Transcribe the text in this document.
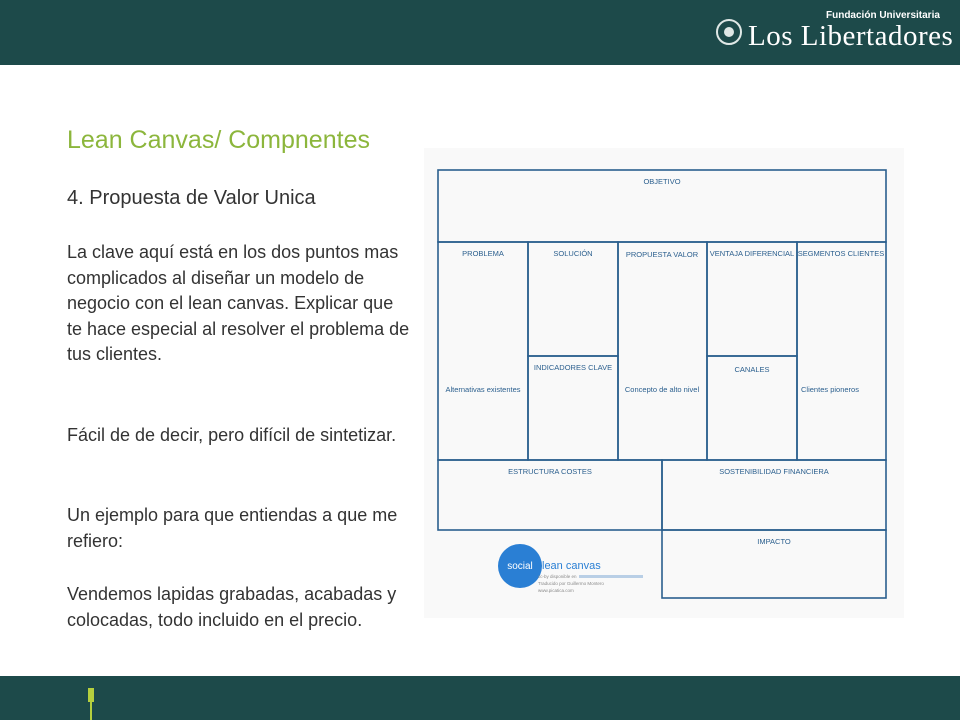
Fundación Universitaria
Los Libertadores
Lean Canvas/ Compnentes
4. Propuesta de Valor Unica

La clave aquí está en los dos puntos mas complicados al diseñar un modelo de negocio con el lean canvas. Explicar que te hace especial al resolver el problema de tus clientes.

Fácil de de decir, pero difícil de sintetizar.

Un ejemplo para que entiendas a que me refiero:

Vendemos lapidas grabadas, acabadas y colocadas, todo incluido en el precio.

OBJETIVO
PROBLEMA	SOLUCIÓN	PROPUESTA VALOR VENTAJA DIFERENCIAL SEGMENTOS CLIENTES
INDICADORES CLAVE	CANALES
Alternativas existentes	Concepto de alto nivel	Clientes pioneros
ESTRUCTURA COSTES	SOSTENIBILIDAD FINANCIERA
IMPACTO
social lean canvas
cc-by disponible en
Traducido por Guillermo Montero
www.picatica.com
